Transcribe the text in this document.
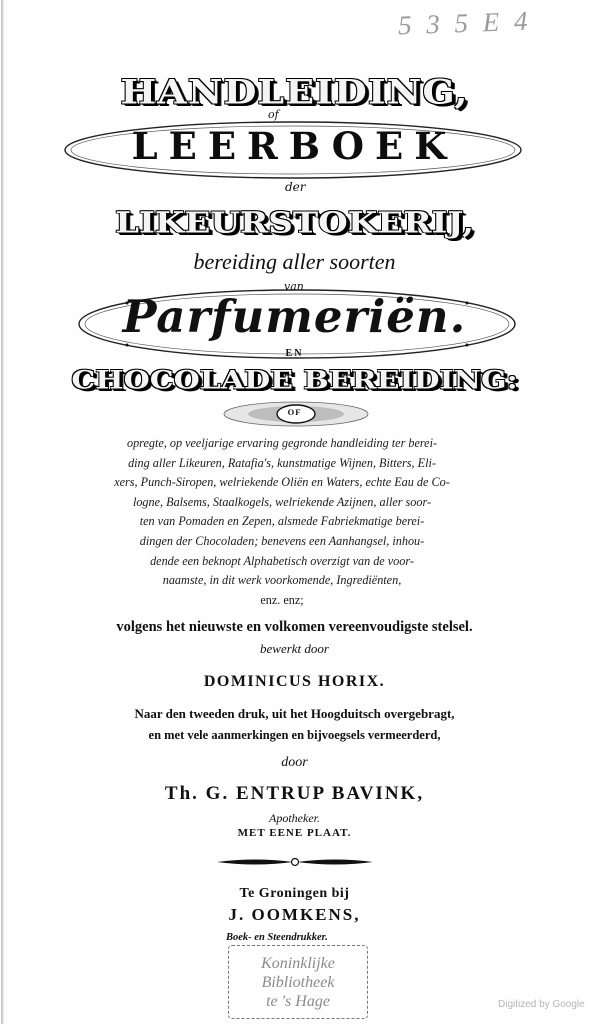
5 3 5 E 4
HANDLEIDING,
of
LEERBOEK
der
LIKEURSTOKERIJ,
bereiding aller soorten
van
Parfumeriën.
EN
CHOCOLADE BEREIDING:
OF
opregte, op veeljarige ervaring gegronde handleiding ter berei-
ding aller Likeuren, Ratafia's, kunstmatige Wijnen, Bitters, Eli-
xers, Punch-Siropen, welriekende Oliën en Waters, echte Eau de Co-
logne, Balsems, Staalkogels, welriekende Azijnen, aller soor-
ten van Pomaden en Zepen, alsmede Fabriekmatige berei-
dingen der Chocoladen; benevens een Aanhangsel, inhou-
dende een beknopt Alphabetisch overzigt van de voor-
naamste, in dit werk voorkomende, Ingrediënten,
enz. enz;
volgens het nieuwste en volkomen vereenvoudigste stelsel.
bewerkt door
DOMINICUS HORIX.
Naar den tweeden druk, uit het Hoogduitsch overgebragt,
en met vele aanmerkingen en bijvoegsels vermeerderd,
door
Th. G. ENTRUP BAVINK,
Apotheker.
MET EENE PLAAT.
Te Groningen bij
J. OOMKENS,
Boek- en Steendrukker.
Koninklijke
Bibliotheek
te 's Hage	Digitized by Google
